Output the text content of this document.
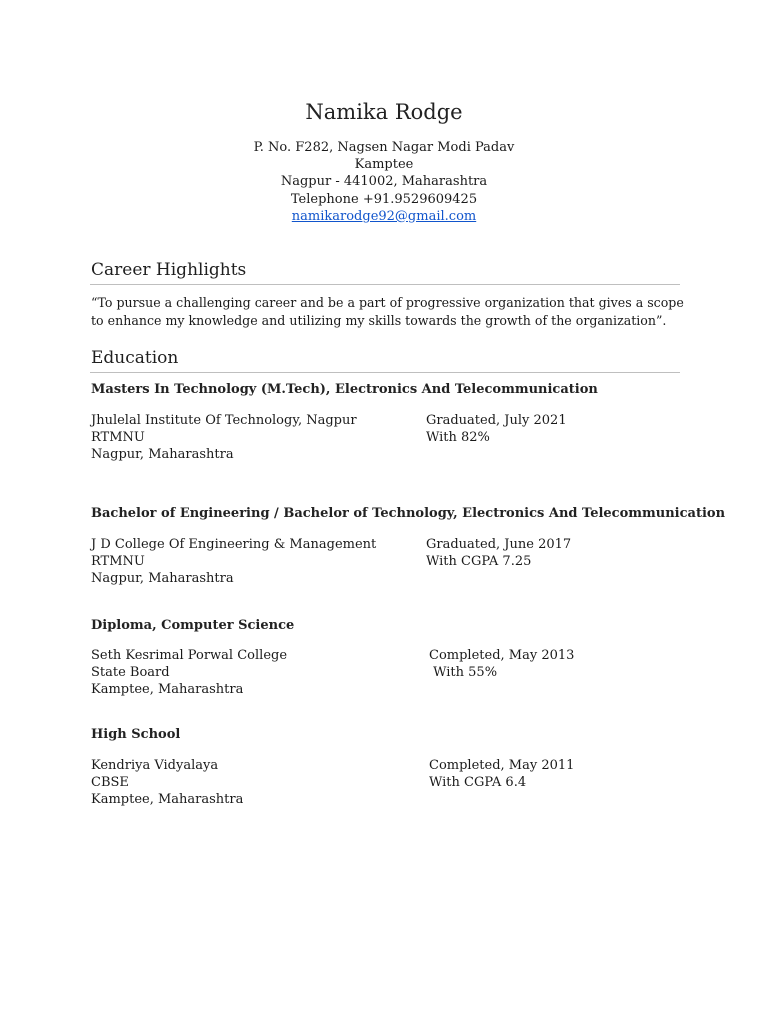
Namika Rodge
P. No. F282, Nagsen Nagar Modi Padav
Kamptee
Nagpur - 441002, Maharashtra
Telephone +91.9529609425
namikarodge92@gmail.com
Career Highlights
“To pursue a challenging career and be a part of progressive organization that gives a scope to enhance my knowledge and utilizing my skills towards the growth of the organization”.
Education
Masters In Technology (M.Tech), Electronics And Telecommunication
Jhulelal Institute Of Technology, Nagpur
RTMNU
Nagpur, Maharashtra
Graduated, July 2021
With 82%
Bachelor of Engineering / Bachelor of Technology, Electronics And Telecommunication
J D College Of Engineering & Management
RTMNU
Nagpur, Maharashtra
Graduated, June 2017
With CGPA 7.25
Diploma, Computer Science
Seth Kesrimal Porwal College
State Board
Kamptee, Maharashtra
Completed, May 2013
With 55%
High School
Kendriya Vidyalaya
CBSE
Kamptee, Maharashtra
Completed, May 2011
With CGPA 6.4
